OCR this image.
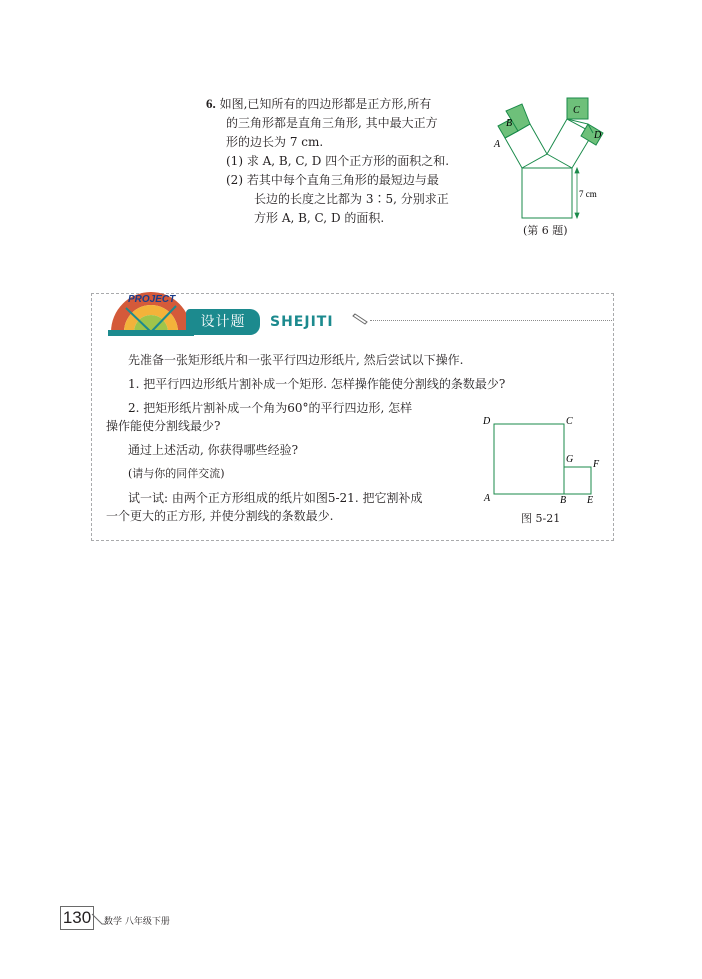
6. 如图,已知所有的四边形都是正方形,所有
的三角形都是直角三角形, 其中最大正方
形的边长为 7 cm.
(1) 求 A, B, C, D 四个正方形的面积之和.
(2) 若其中每个直角三角形的最短边与最
长边的长度之比都为 3∶5, 分别求正
方形 A, B, C, D 的面积.
A
B
C
D
7 cm
(第 6 题)
PROJECT
设计题	SHEJITI
先准备一张矩形纸片和一张平行四边形纸片, 然后尝试以下操作.
1. 把平行四边形纸片割补成一个矩形. 怎样操作能使分割线的条数最少?
2. 把矩形纸片割补成一个角为60°的平行四边形, 怎样
操作能使分割线最少?
通过上述活动, 你获得哪些经验?
(请与你的同伴交流)
试一试: 由两个正方形组成的纸片如图5-21. 把它割补成
一个更大的正方形, 并使分割线的条数最少.
D	C
G F
A	B E
图 5-21
130	数学 八年级下册
